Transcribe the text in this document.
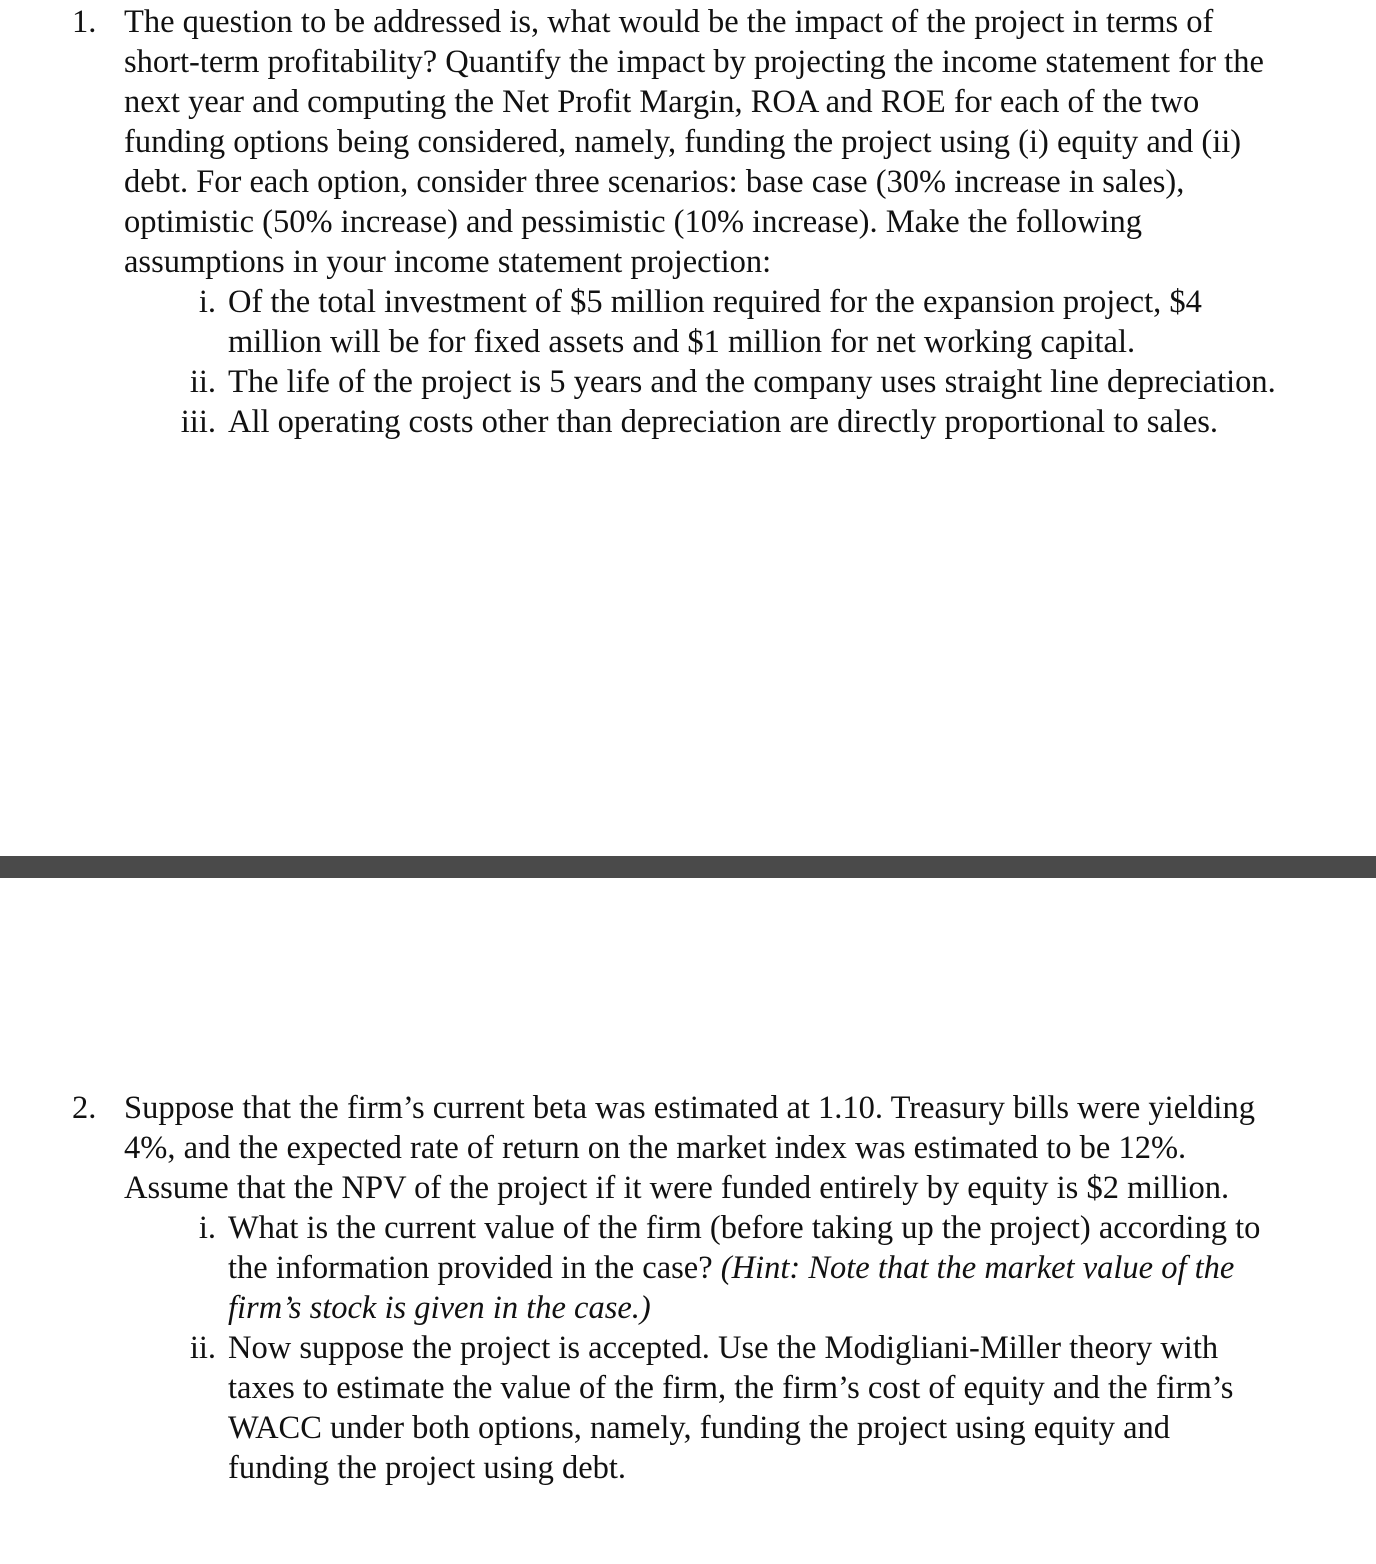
1. The question to be addressed is, what would be the impact of the project in terms of short-term profitability? Quantify the impact by projecting the income statement for the next year and computing the Net Profit Margin, ROA and ROE for each of the two funding options being considered, namely, funding the project using (i) equity and (ii) debt. For each option, consider three scenarios: base case (30% increase in sales), optimistic (50% increase) and pessimistic (10% increase). Make the following assumptions in your income statement projection:
i. Of the total investment of $5 million required for the expansion project, $4 million will be for fixed assets and $1 million for net working capital.
ii. The life of the project is 5 years and the company uses straight line depreciation.
iii. All operating costs other than depreciation are directly proportional to sales.
2. Suppose that the firm’s current beta was estimated at 1.10. Treasury bills were yielding 4%, and the expected rate of return on the market index was estimated to be 12%.
Assume that the NPV of the project if it were funded entirely by equity is $2 million.
i. What is the current value of the firm (before taking up the project) according to the information provided in the case? (Hint: Note that the market value of the firm’s stock is given in the case.)
ii. Now suppose the project is accepted. Use the Modigliani-Miller theory with taxes to estimate the value of the firm, the firm’s cost of equity and the firm’s WACC under both options, namely, funding the project using equity and funding the project using debt.
